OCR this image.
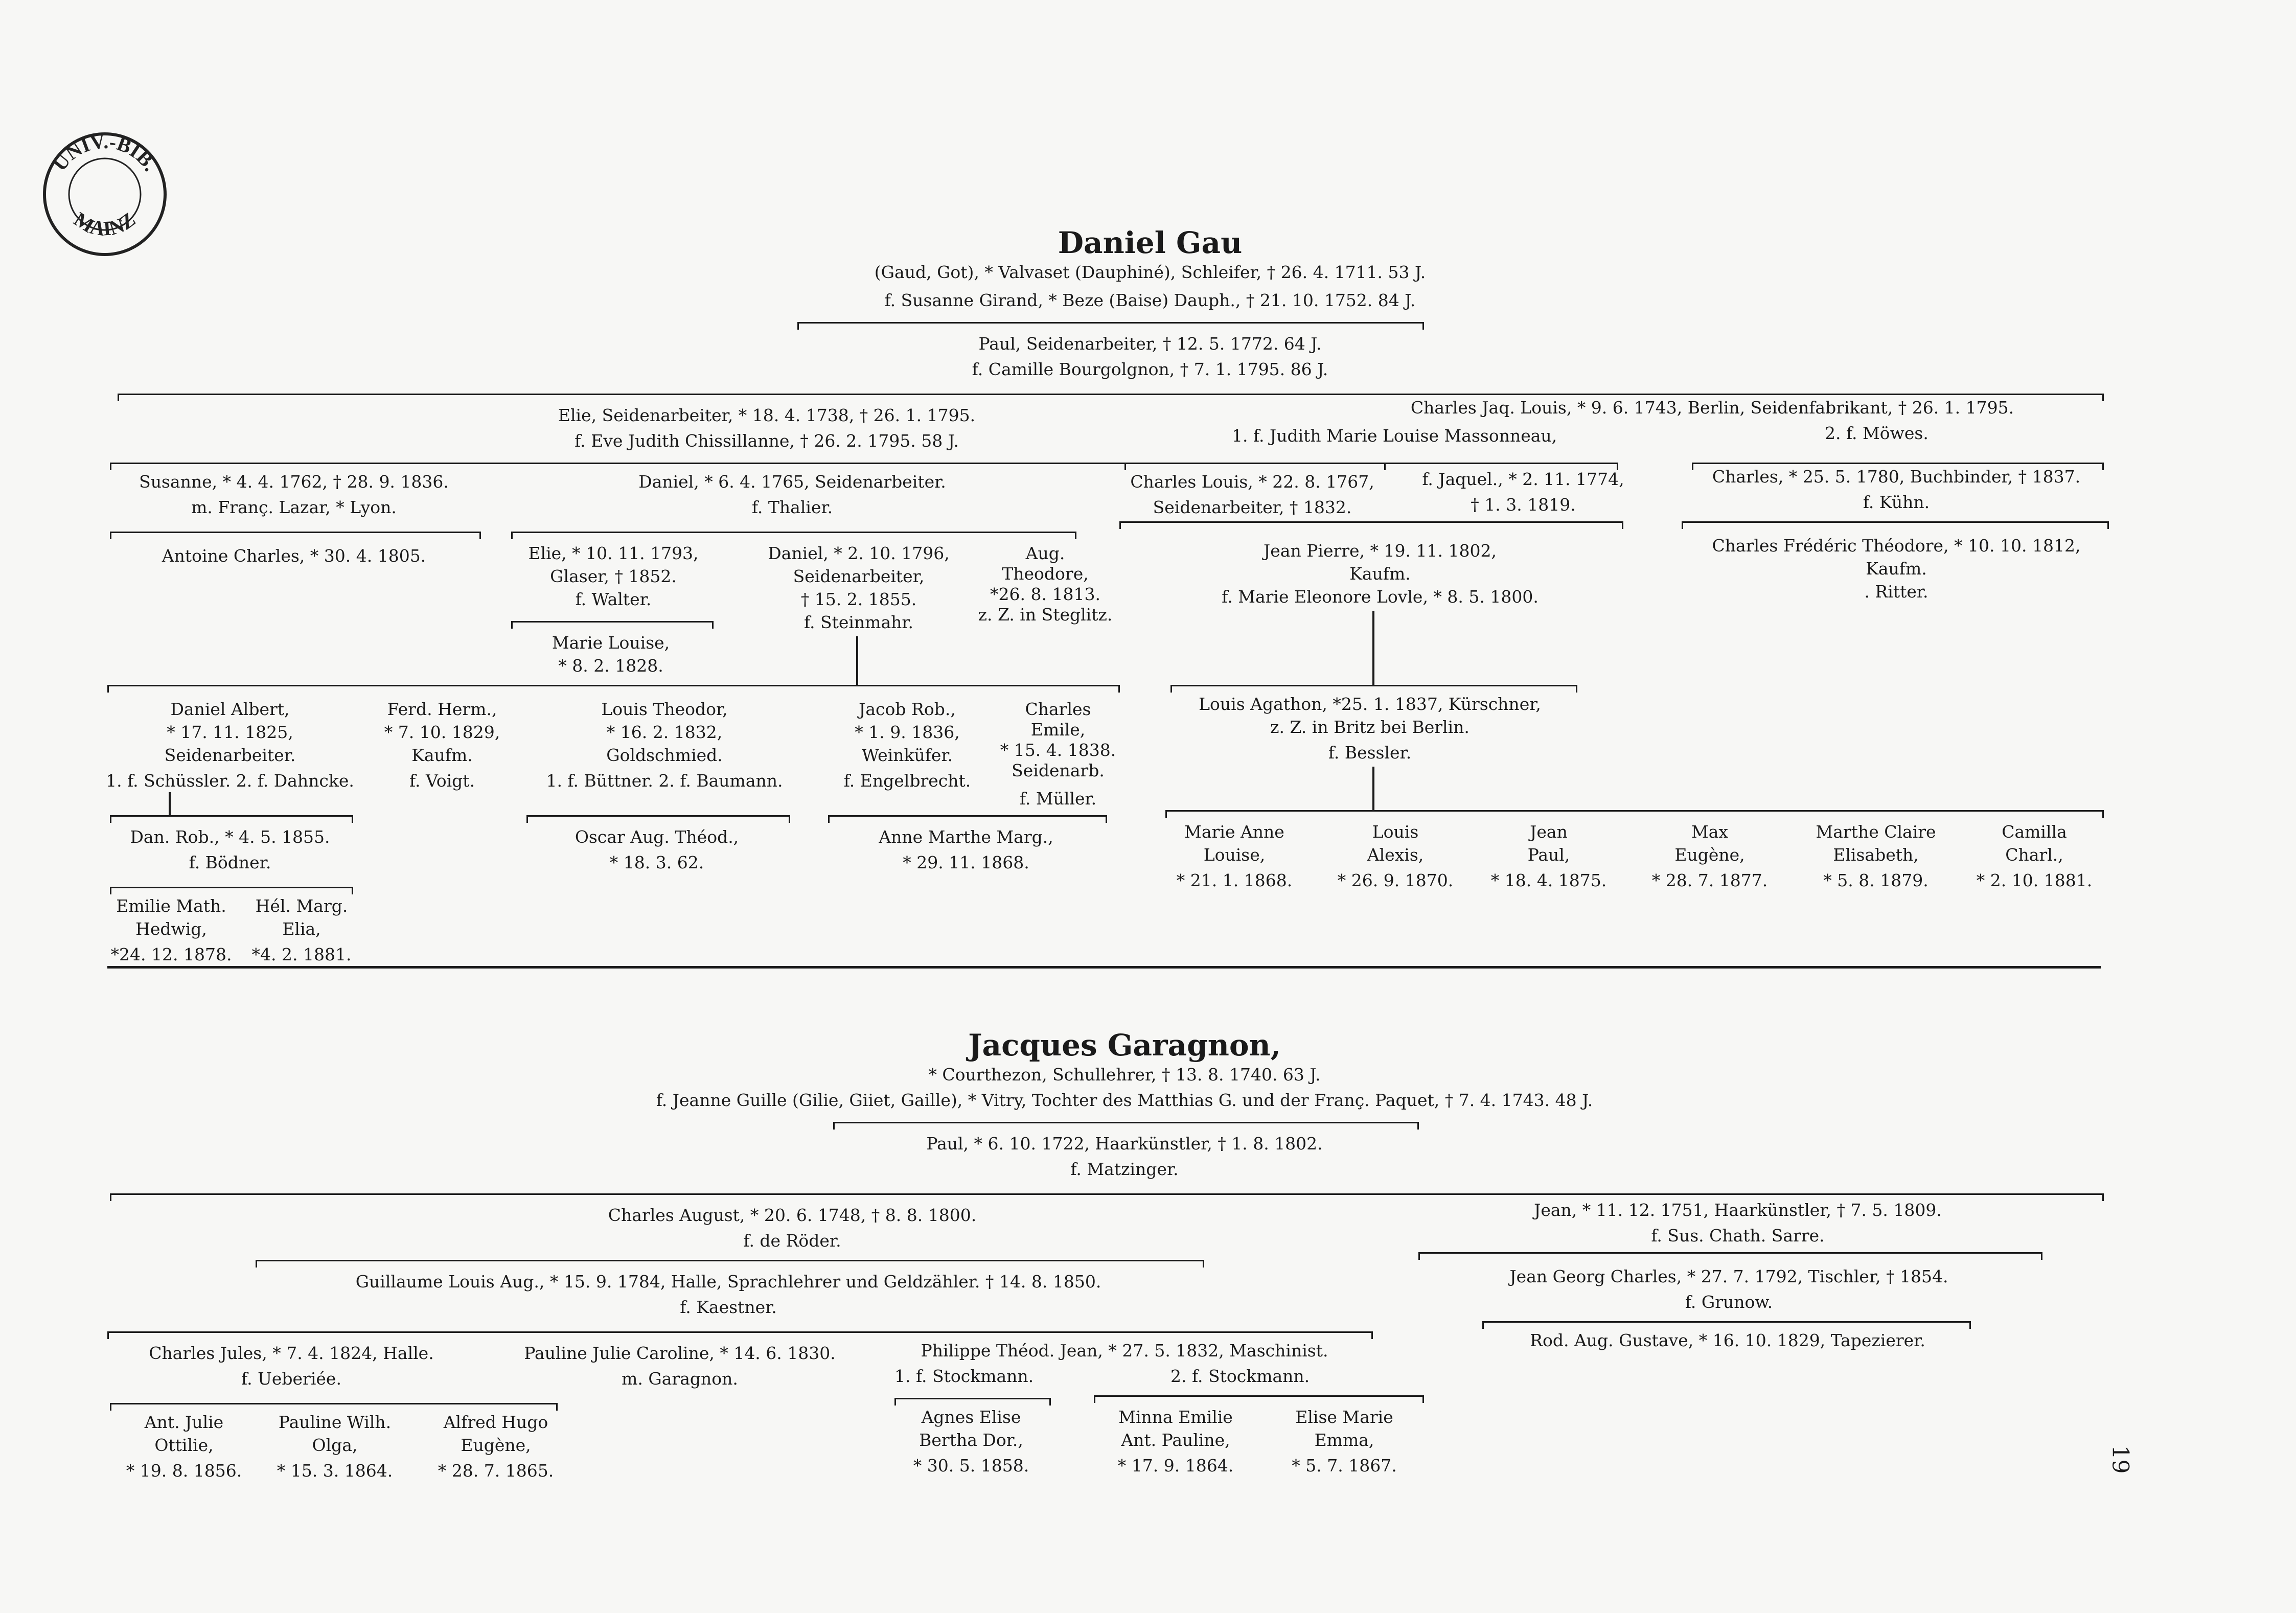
UNIV.-BIB.
MAINZ
Daniel Gau
(Gaud, Got), * Valvaset (Dauphiné), Schleifer, † 26. 4. 1711. 53 J.
f. Susanne Girand, * Beze (Baise) Dauph., † 21. 10. 1752. 84 J.
Paul, Seidenarbeiter, † 12. 5. 1772. 64 J.
f. Camille Bourgolgnon, † 7. 1. 1795. 86 J.
Elie, Seidenarbeiter, * 18. 4. 1738, † 26. 1. 1795.
f. Eve Judith Chissillanne, † 26. 2. 1795. 58 J.
Charles Jaq. Louis, * 9. 6. 1743, Berlin, Seidenfabrikant, † 26. 1. 1795.
1. f. Judith Marie Louise Massonneau,	2. f. Möwes.
Susanne, * 4. 4. 1762, † 28. 9. 1836.
m. Franç. Lazar, * Lyon.
Daniel, * 6. 4. 1765, Seidenarbeiter.
f. Thalier.
Charles Louis, * 22. 8. 1767,
Seidenarbeiter, † 1832.
f. Jaquel., * 2. 11. 1774,
† 1. 3. 1819.
Charles, * 25. 5. 1780, Buchbinder, † 1837.
f. Kühn.
Antoine Charles, * 30. 4. 1805.	Elie, * 10. 11. 1793,
Glaser, † 1852.
f. Walter.
Daniel, * 2. 10. 1796,
Seidenarbeiter,
† 15. 2. 1855.
f. Steinmahr.
Aug.
Theodore,
*26. 8. 1813.
z. Z. in Steglitz.
Jean Pierre, * 19. 11. 1802,
Kaufm.
f. Marie Eleonore Lovle, * 8. 5. 1800.
Charles Frédéric Théodore, * 10. 10. 1812,
Kaufm.
. Ritter.
Marie Louise,
* 8. 2. 1828.
Daniel Albert,
* 17. 11. 1825,
Seidenarbeiter.
1. f. Schüssler. 2. f. Dahncke.
Ferd. Herm.,
* 7. 10. 1829,
Kaufm.
f. Voigt.
Louis Theodor,
* 16. 2. 1832,
Goldschmied.
1. f. Büttner. 2. f. Baumann.
Jacob Rob.,
* 1. 9. 1836,
Weinküfer.
f. Engelbrecht.
Charles
Emile,
* 15. 4. 1838.
Seidenarb.
f. Müller.
Louis Agathon, *25. 1. 1837, Kürschner,
z. Z. in Britz bei Berlin.
f. Bessler.
Dan. Rob., * 4. 5. 1855.
f. Bödner.
Oscar Aug. Théod.,
* 18. 3. 62.
Anne Marthe Marg.,
* 29. 11. 1868.
Emilie Math.
Hedwig,
*24. 12. 1878.
Hél. Marg.
Elia,
*4. 2. 1881.
Marie Anne
Louise,
* 21. 1. 1868.
Louis
Alexis,
* 26. 9. 1870.
Jean
Paul,
* 18. 4. 1875.
Max
Eugène,
* 28. 7. 1877.
Marthe Claire
Elisabeth,
* 5. 8. 1879.
Camilla
Charl.,
* 2. 10. 1881.
Jacques Garagnon,
* Courthezon, Schullehrer, † 13. 8. 1740. 63 J.
f. Jeanne Guille (Gilie, Giiet, Gaille), * Vitry, Tochter des Matthias G. und der Franç. Paquet, † 7. 4. 1743. 48 J.
Paul, * 6. 10. 1722, Haarkünstler, † 1. 8. 1802.
f. Matzinger.
Charles August, * 20. 6. 1748, † 8. 8. 1800.
f. de Röder.
Jean, * 11. 12. 1751, Haarkünstler, † 7. 5. 1809.
f. Sus. Chath. Sarre.
Guillaume Louis Aug., * 15. 9. 1784, Halle, Sprachlehrer und Geldzähler. † 14. 8. 1850.
f. Kaestner.
Jean Georg Charles, * 27. 7. 1792, Tischler, † 1854.
f. Grunow.
Charles Jules, * 7. 4. 1824, Halle.
f. Ueberiée.
Pauline Julie Caroline, * 14. 6. 1830.
m. Garagnon.
Philippe Théod. Jean, * 27. 5. 1832, Maschinist.
1. f. Stockmann.	2. f. Stockmann.
Rod. Aug. Gustave, * 16. 10. 1829, Tapezierer.
Ant. Julie
Ottilie,
* 19. 8. 1856.
Pauline Wilh.
Olga,
* 15. 3. 1864.
Alfred Hugo
Eugène,
* 28. 7. 1865.
Agnes Elise
Bertha Dor.,
* 30. 5. 1858.
Minna Emilie
Ant. Pauline,
* 17. 9. 1864.
Elise Marie
Emma,
* 5. 7. 1867.	19
